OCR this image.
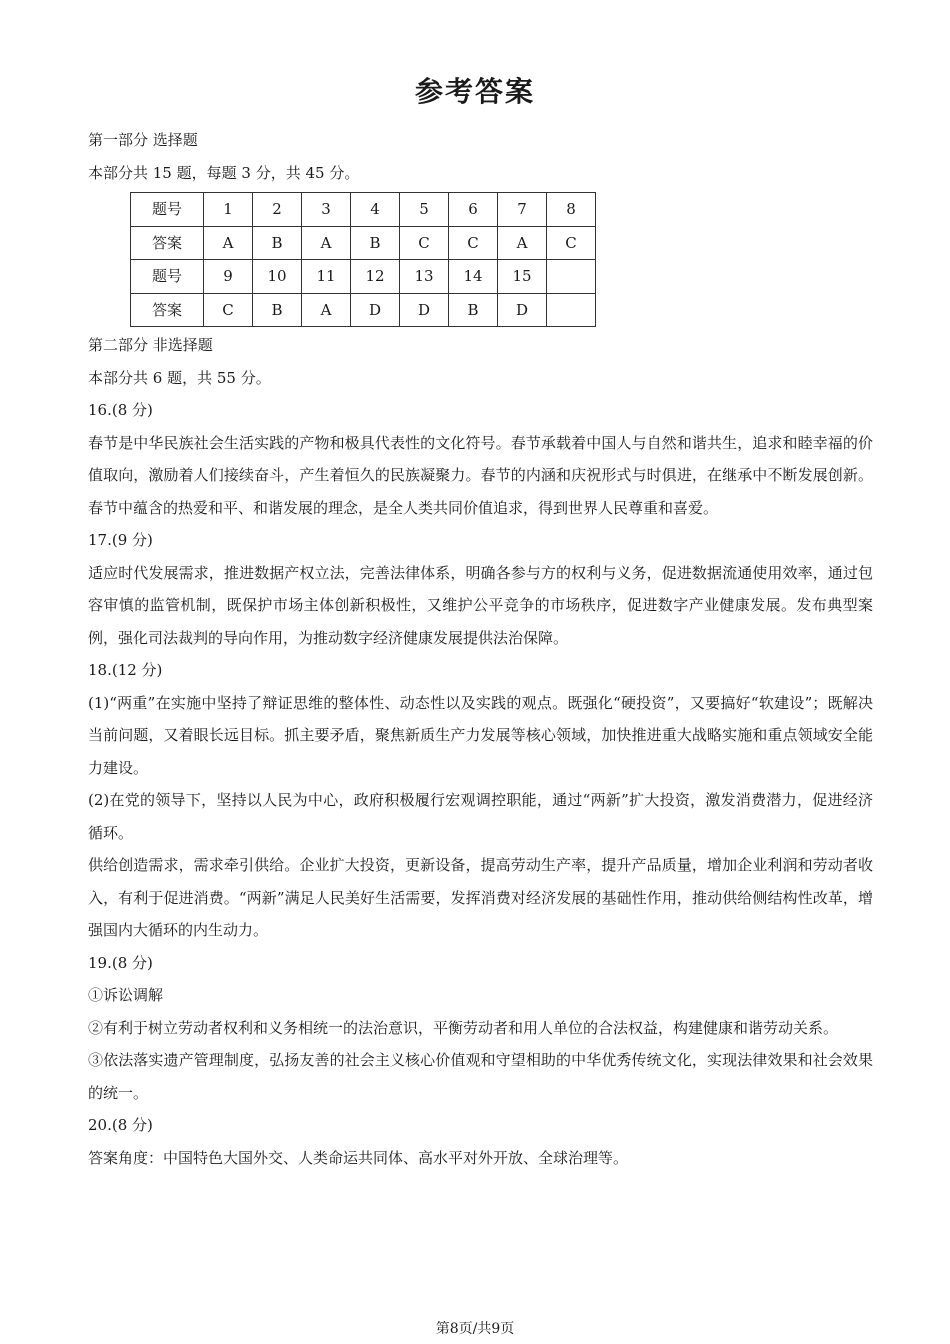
参考答案

第一部分 选择题

本部分共 15 题，每题 3 分，共 45 分。

题号	1	2	3	4	5	6	7	8
答案	A	B	A	B	C	C	A	C
题号	9	10	11	12	13	14	15	
答案	C	B	A	D	D	B	D	

第二部分 非选择题

本部分共 6 题，共 55 分。

16.(8 分)

春节是中华民族社会生活实践的产物和极具代表性的文化符号。春节承载着中国人与自然和谐共生，追求和睦幸福的价值取向，激励着人们接续奋斗，产生着恒久的民族凝聚力。春节的内涵和庆祝形式与时俱进，在继承中不断发展创新。春节中蕴含的热爱和平、和谐发展的理念，是全人类共同价值追求，得到世界人民尊重和喜爱。

17.(9 分)

适应时代发展需求，推进数据产权立法，完善法律体系，明确各参与方的权利与义务，促进数据流通使用效率，通过包容审慎的监管机制，既保护市场主体创新积极性，又维护公平竞争的市场秩序，促进数字产业健康发展。发布典型案例，强化司法裁判的导向作用，为推动数字经济健康发展提供法治保障。

18.(12 分)

(1)“两重”在实施中坚持了辩证思维的整体性、动态性以及实践的观点。既强化“硬投资”，又要搞好“软建设”；既解决当前问题，又着眼长远目标。抓主要矛盾，聚焦新质生产力发展等核心领域，加快推进重大战略实施和重点领域安全能力建设。

(2)在党的领导下，坚持以人民为中心，政府积极履行宏观调控职能，通过“两新”扩大投资，激发消费潜力，促进经济循环。

供给创造需求，需求牵引供给。企业扩大投资，更新设备，提高劳动生产率，提升产品质量，增加企业利润和劳动者收入，有利于促进消费。“两新”满足人民美好生活需要，发挥消费对经济发展的基础性作用，推动供给侧结构性改革，增强国内大循环的内生动力。

19.(8 分)

①诉讼调解

②有利于树立劳动者权利和义务相统一的法治意识，平衡劳动者和用人单位的合法权益，构建健康和谐劳动关系。

③依法落实遗产管理制度，弘扬友善的社会主义核心价值观和守望相助的中华优秀传统文化，实现法律效果和社会效果的统一。

20.(8 分)

答案角度：中国特色大国外交、人类命运共同体、高水平对外开放、全球治理等。

第8页/共9页
